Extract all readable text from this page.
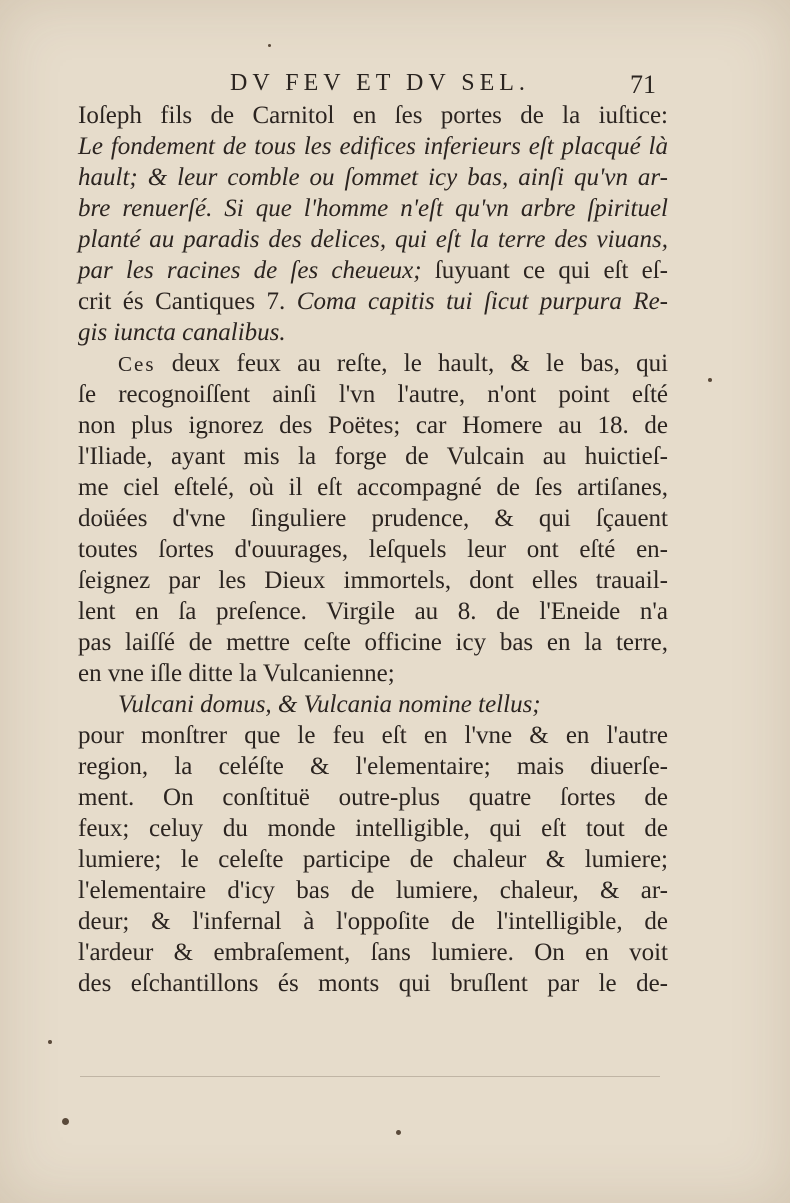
DV FEV ET DV SEL.	71
Ioſeph fils de Carnitol en ſes portes de la iuſtice:
Le fondement de tous les edifices inferieurs eſt placqué là
hault; & leur comble ou ſommet icy bas, ainſi qu'vn ar-
bre renuerſé. Si que l'homme n'eſt qu'vn arbre ſpirituel
planté au paradis des delices, qui eſt la terre des viuans,
par les racines de ſes cheueux; ſuyuant ce qui eſt eſ-
crit és Cantiques 7. Coma capitis tui ſicut purpura Re-
gis iuncta canalibus.
Ces deux feux au reſte, le hault, & le bas, qui
ſe recognoiſſent ainſi l'vn l'autre, n'ont point eſté
non plus ignorez des Poëtes; car Homere au 18. de
l'Iliade, ayant mis la forge de Vulcain au huictieſ-
me ciel eſtelé, où il eſt accompagné de ſes artiſanes,
doüées d'vne ſinguliere prudence, & qui ſçauent
toutes ſortes d'ouurages, leſquels leur ont eſté en-
ſeignez par les Dieux immortels, dont elles trauail-
lent en ſa preſence. Virgile au 8. de l'Eneide n'a
pas laiſſé de mettre ceſte officine icy bas en la terre,
en vne iſle ditte la Vulcanienne;
Vulcani domus, & Vulcania nomine tellus;
pour monſtrer que le feu eſt en l'vne & en l'autre
region, la celéſte & l'elementaire; mais diuerſe-
ment. On conſtituë outre-plus quatre ſortes de
feux; celuy du monde intelligible, qui eſt tout de
lumiere; le celeſte participe de chaleur & lumiere;
l'elementaire d'icy bas de lumiere, chaleur, & ar-
deur; & l'infernal à l'oppoſite de l'intelligible, de
l'ardeur & embraſement, ſans lumiere. On en voit
des eſchantillons és monts qui bruſlent par le de-
